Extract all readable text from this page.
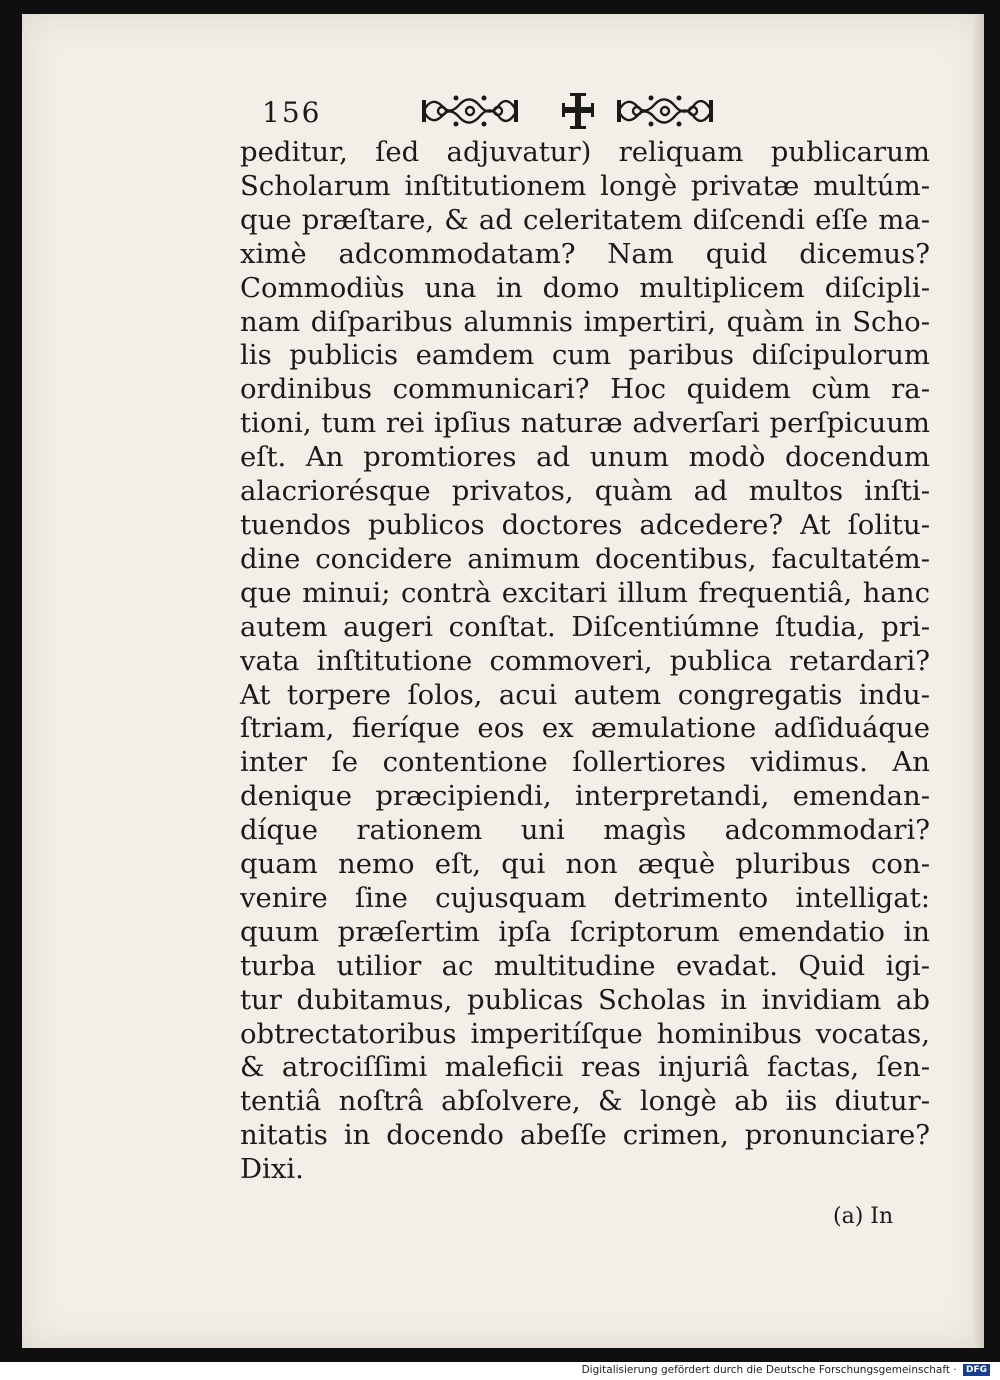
156
peditur, ſed adjuvatur) reliquam publicarum
Scholarum inſtitutionem longè privatæ multúm-
que præſtare, & ad celeritatem diſcendi eſſe ma-
ximè adcommodatam? Nam quid dicemus?
Commodiùs una in domo multiplicem diſcipli-
nam diſparibus alumnis impertiri, quàm in Scho-
lis publicis eamdem cum paribus diſcipulorum
ordinibus communicari? Hoc quidem cùm ra-
tioni, tum rei ipſius naturæ adverſari perſpicuum
eſt. An promtiores ad unum modò docendum
alacriorésque privatos, quàm ad multos inſti-
tuendos publicos doctores adcedere? At ſolitu-
dine concidere animum docentibus, facultatém-
que minui; contrà excitari illum frequentiâ, hanc
autem augeri conſtat. Diſcentiúmne ſtudia, pri-
vata inſtitutione commoveri, publica retardari?
At torpere ſolos, acui autem congregatis indu-
ſtriam, fieríque eos ex æmulatione adſiduáque
inter ſe contentione ſollertiores vidimus. An
denique præcipiendi, interpretandi, emendan-
díque rationem uni magìs adcommodari?
quam nemo eſt, qui non æquè pluribus con-
venire ſine cujusquam detrimento intelligat:
quum præſertim ipſa ſcriptorum emendatio in
turba utilior ac multitudine evadat. Quid igi-
tur dubitamus, publicas Scholas in invidiam ab
obtrectatoribus imperitíſque hominibus vocatas,
& atrociſſimi maleficii reas injuriâ factas, ſen-
tentiâ noſtrâ abſolvere, & longè ab iis diutur-
nitatis in docendo abeſſe crimen, pronunciare?
Dixi.
(a) In
Digitalisierung gefördert durch die Deutsche Forschungsgemeinschaft · DFG
